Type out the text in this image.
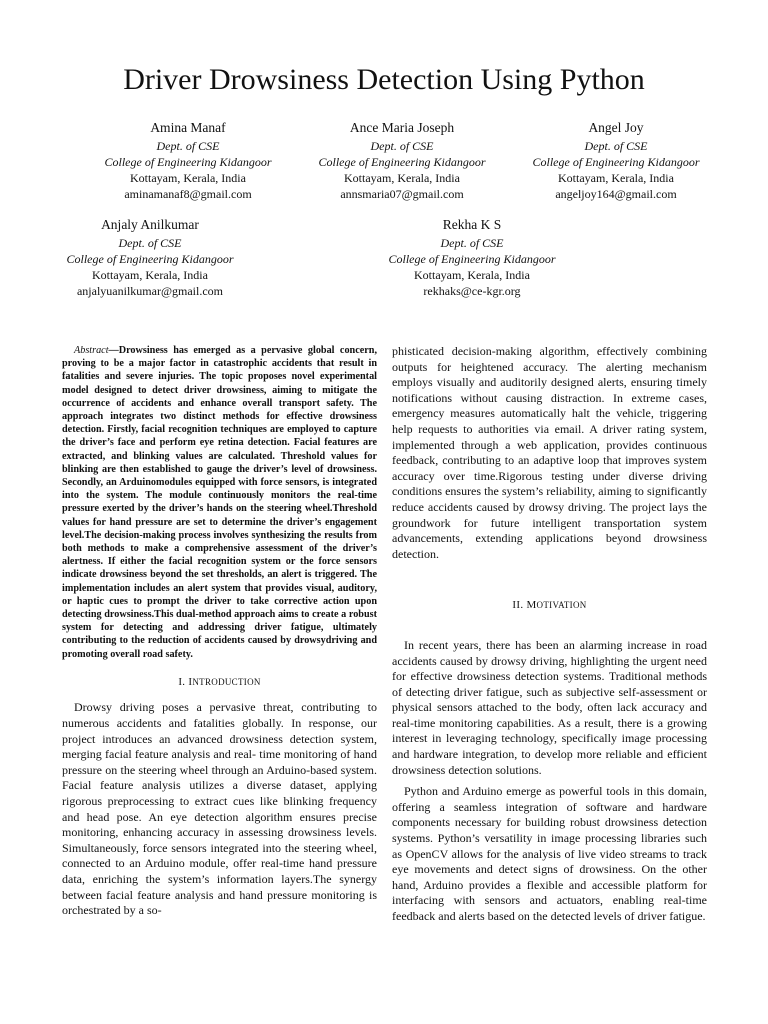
Driver Drowsiness Detection Using Python
Amina Manaf
Dept. of CSE
College of Engineering Kidangoor
Kottayam, Kerala, India
aminamanaf8@gmail.com
Ance Maria Joseph
Dept. of CSE
College of Engineering Kidangoor
Kottayam, Kerala, India
annsmaria07@gmail.com
Angel Joy
Dept. of CSE
College of Engineering Kidangoor
Kottayam, Kerala, India
angeljoy164@gmail.com
Anjaly Anilkumar
Dept. of CSE
College of Engineering Kidangoor
Kottayam, Kerala, India
anjalyuanilkumar@gmail.com
Rekha K S
Dept. of CSE
College of Engineering Kidangoor
Kottayam, Kerala, India
rekhaks@ce-kgr.org

Abstract—Drowsiness has emerged as a pervasive global concern, proving to be a major factor in catastrophic accidents that result in fatalities and severe injuries. The topic proposes novel experimental model designed to detect driver drowsiness, aiming to mitigate the occurrence of accidents and enhance overall transport safety. The approach integrates two distinct methods for effective drowsiness detection. Firstly, facial recognition techniques are employed to capture the driver’s face and perform eye retina detection. Facial features are extracted, and blinking values are calculated. Threshold values for blinking are then established to gauge the driver’s level of drowsiness. Secondly, an Arduinomodules equipped with force sensors, is integrated into the system. The module continuously monitors the real-time pressure exerted by the driver’s hands on the steering wheel.Threshold values for hand pressure are set to determine the driver’s engagement level.The decision-making process involves synthesizing the results from both methods to make a comprehensive assessment of the driver’s alertness. If either the facial recognition system or the force sensors indicate drowsiness beyond the set thresholds, an alert is triggered. The implementation includes an alert system that provides visual, auditory, or haptic cues to prompt the driver to take corrective action upon detecting drowsiness.This dual-method approach aims to create a robust system for detecting and addressing driver fatigue, ultimately contributing to the reduction of accidents caused by drowsydriving and promoting overall road safety.

I. INTRODUCTION

Drowsy driving poses a pervasive threat, contributing to numerous accidents and fatalities globally. In response, our project introduces an advanced drowsiness detection system, merging facial feature analysis and real- time monitoring of hand pressure on the steering wheel through an Arduino-based system. Facial feature analysis utilizes a diverse dataset, applying rigorous preprocessing to extract cues like blinking frequency and head pose. An eye detection algorithm ensures precise monitoring, enhancing accuracy in assessing drowsiness levels. Simultaneously, force sensors integrated into the steering wheel, connected to an Arduino module, offer real-time hand pressure data, enriching the system’s information layers.The synergy between facial feature analysis and hand pressure monitoring is orchestrated by a so-

phisticated decision-making algorithm, effectively combining outputs for heightened accuracy. The alerting mechanism employs visually and auditorily designed alerts, ensuring timely notifications without causing distraction. In extreme cases, emergency measures automatically halt the vehicle, triggering help requests to authorities via email. A driver rating system, implemented through a web application, provides continuous feedback, contributing to an adaptive loop that improves system accuracy over time.Rigorous testing under diverse driving conditions ensures the system’s reliability, aiming to significantly reduce accidents caused by drowsy driving. The project lays the groundwork for future intelligent transportation system advancements, extending applications beyond drowsiness detection.

II. MOTIVATION

In recent years, there has been an alarming increase in road accidents caused by drowsy driving, highlighting the urgent need for effective drowsiness detection systems. Traditional methods of detecting driver fatigue, such as subjective self-assessment or physical sensors attached to the body, often lack accuracy and real-time monitoring capabilities. As a result, there is a growing interest in leveraging technology, specifically image processing and hardware integration, to develop more reliable and efficient drowsiness detection solutions.

Python and Arduino emerge as powerful tools in this domain, offering a seamless integration of software and hardware components necessary for building robust drowsiness detection systems. Python’s versatility in image processing libraries such as OpenCV allows for the analysis of live video streams to track eye movements and detect signs of drowsiness. On the other hand, Arduino provides a flexible and accessible platform for interfacing with sensors and actuators, enabling real-time feedback and alerts based on the detected levels of driver fatigue.
